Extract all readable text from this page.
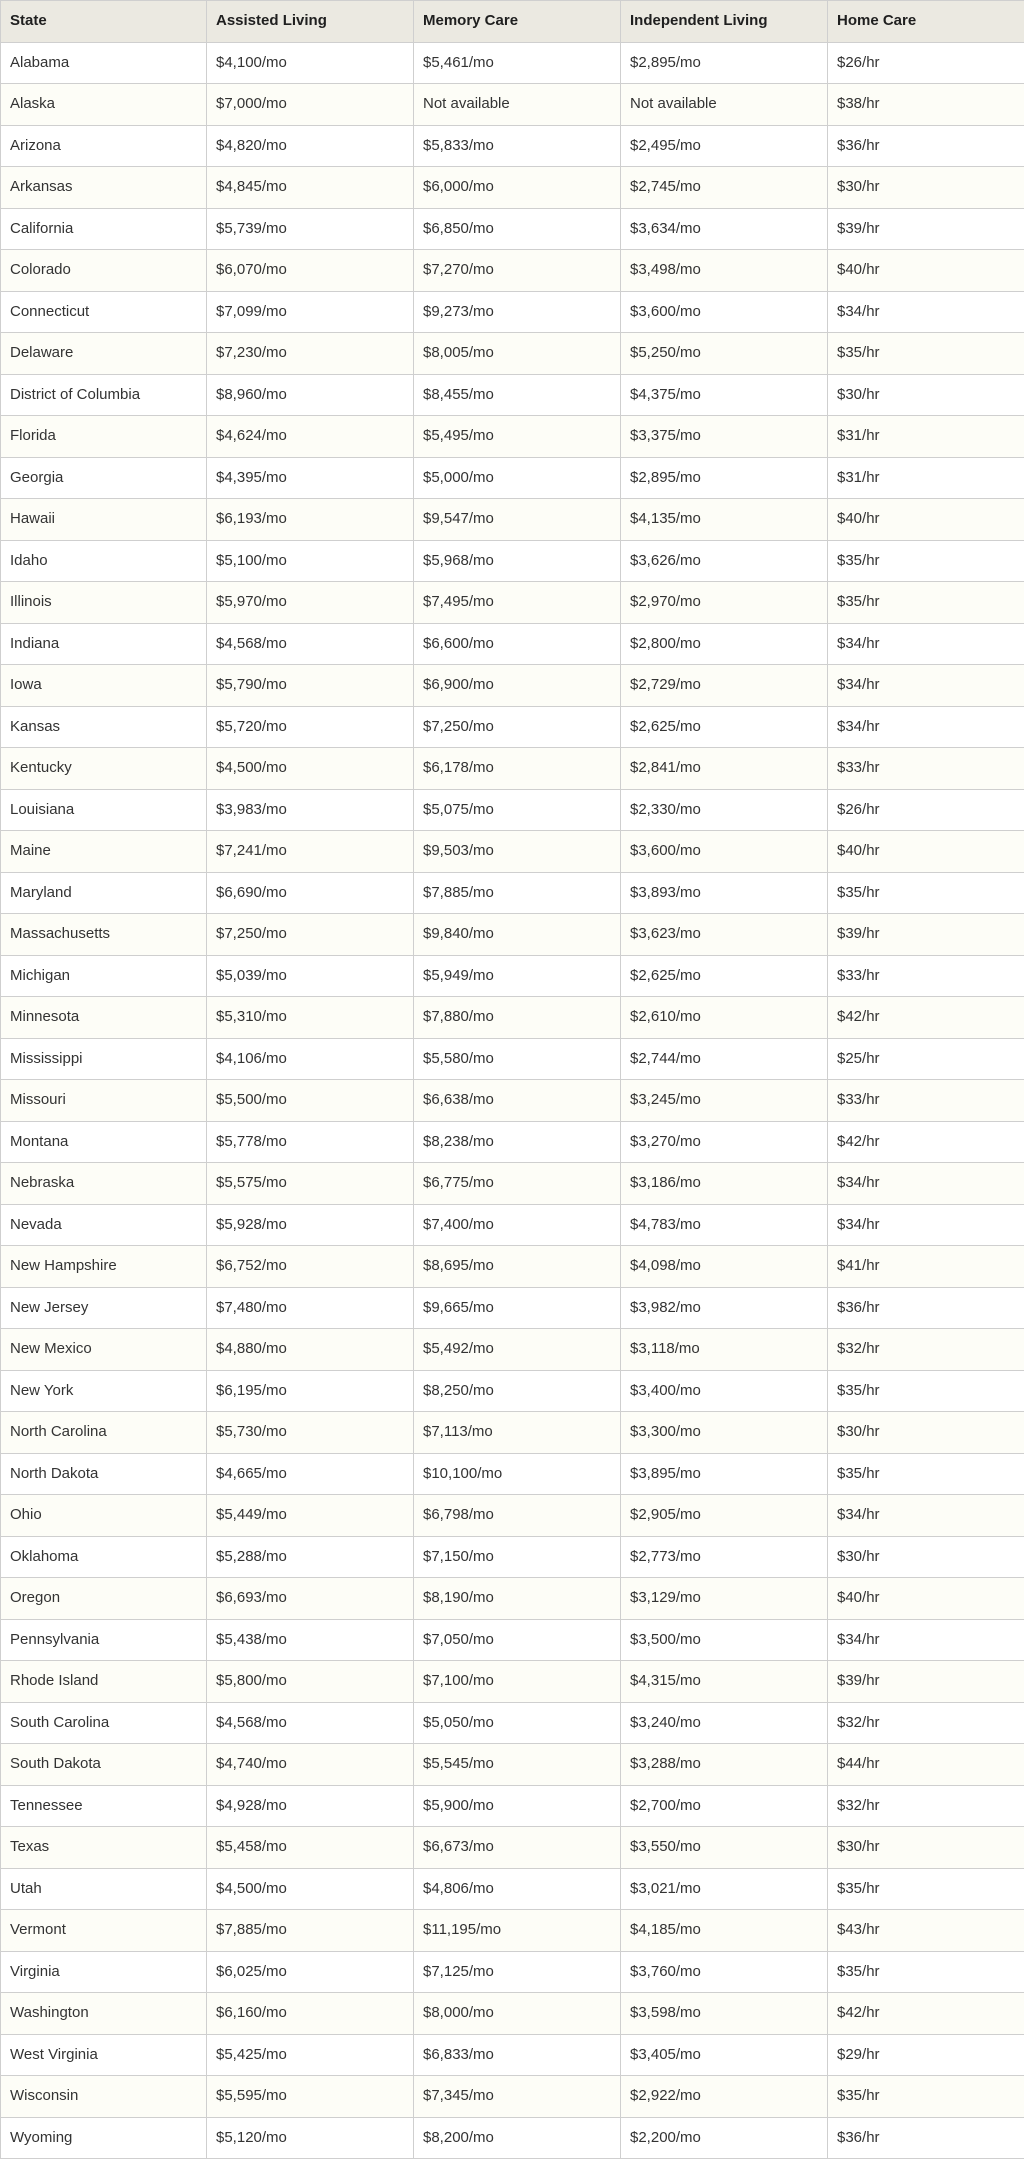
State	Assisted Living	Memory Care	Independent Living	Home Care
Alabama	$4,100/mo	$5,461/mo	$2,895/mo	$26/hr
Alaska	$7,000/mo	Not available	Not available	$38/hr
Arizona	$4,820/mo	$5,833/mo	$2,495/mo	$36/hr
Arkansas	$4,845/mo	$6,000/mo	$2,745/mo	$30/hr
California	$5,739/mo	$6,850/mo	$3,634/mo	$39/hr
Colorado	$6,070/mo	$7,270/mo	$3,498/mo	$40/hr
Connecticut	$7,099/mo	$9,273/mo	$3,600/mo	$34/hr
Delaware	$7,230/mo	$8,005/mo	$5,250/mo	$35/hr
District of Columbia	$8,960/mo	$8,455/mo	$4,375/mo	$30/hr
Florida	$4,624/mo	$5,495/mo	$3,375/mo	$31/hr
Georgia	$4,395/mo	$5,000/mo	$2,895/mo	$31/hr
Hawaii	$6,193/mo	$9,547/mo	$4,135/mo	$40/hr
Idaho	$5,100/mo	$5,968/mo	$3,626/mo	$35/hr
Illinois	$5,970/mo	$7,495/mo	$2,970/mo	$35/hr
Indiana	$4,568/mo	$6,600/mo	$2,800/mo	$34/hr
Iowa	$5,790/mo	$6,900/mo	$2,729/mo	$34/hr
Kansas	$5,720/mo	$7,250/mo	$2,625/mo	$34/hr
Kentucky	$4,500/mo	$6,178/mo	$2,841/mo	$33/hr
Louisiana	$3,983/mo	$5,075/mo	$2,330/mo	$26/hr
Maine	$7,241/mo	$9,503/mo	$3,600/mo	$40/hr
Maryland	$6,690/mo	$7,885/mo	$3,893/mo	$35/hr
Massachusetts	$7,250/mo	$9,840/mo	$3,623/mo	$39/hr
Michigan	$5,039/mo	$5,949/mo	$2,625/mo	$33/hr
Minnesota	$5,310/mo	$7,880/mo	$2,610/mo	$42/hr
Mississippi	$4,106/mo	$5,580/mo	$2,744/mo	$25/hr
Missouri	$5,500/mo	$6,638/mo	$3,245/mo	$33/hr
Montana	$5,778/mo	$8,238/mo	$3,270/mo	$42/hr
Nebraska	$5,575/mo	$6,775/mo	$3,186/mo	$34/hr
Nevada	$5,928/mo	$7,400/mo	$4,783/mo	$34/hr
New Hampshire	$6,752/mo	$8,695/mo	$4,098/mo	$41/hr
New Jersey	$7,480/mo	$9,665/mo	$3,982/mo	$36/hr
New Mexico	$4,880/mo	$5,492/mo	$3,118/mo	$32/hr
New York	$6,195/mo	$8,250/mo	$3,400/mo	$35/hr
North Carolina	$5,730/mo	$7,113/mo	$3,300/mo	$30/hr
North Dakota	$4,665/mo	$10,100/mo	$3,895/mo	$35/hr
Ohio	$5,449/mo	$6,798/mo	$2,905/mo	$34/hr
Oklahoma	$5,288/mo	$7,150/mo	$2,773/mo	$30/hr
Oregon	$6,693/mo	$8,190/mo	$3,129/mo	$40/hr
Pennsylvania	$5,438/mo	$7,050/mo	$3,500/mo	$34/hr
Rhode Island	$5,800/mo	$7,100/mo	$4,315/mo	$39/hr
South Carolina	$4,568/mo	$5,050/mo	$3,240/mo	$32/hr
South Dakota	$4,740/mo	$5,545/mo	$3,288/mo	$44/hr
Tennessee	$4,928/mo	$5,900/mo	$2,700/mo	$32/hr
Texas	$5,458/mo	$6,673/mo	$3,550/mo	$30/hr
Utah	$4,500/mo	$4,806/mo	$3,021/mo	$35/hr
Vermont	$7,885/mo	$11,195/mo	$4,185/mo	$43/hr
Virginia	$6,025/mo	$7,125/mo	$3,760/mo	$35/hr
Washington	$6,160/mo	$8,000/mo	$3,598/mo	$42/hr
West Virginia	$5,425/mo	$6,833/mo	$3,405/mo	$29/hr
Wisconsin	$5,595/mo	$7,345/mo	$2,922/mo	$35/hr
Wyoming	$5,120/mo	$8,200/mo	$2,200/mo	$36/hr
